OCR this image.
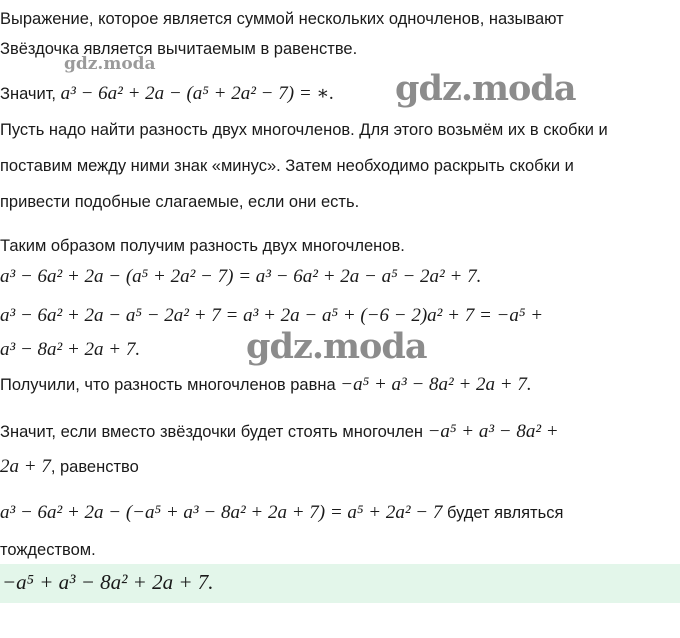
Выражение, которое является суммой нескольких одночленов, называют
Звёздочка является вычитаемым в равенстве.
Значит, a³ − 6a² + 2a − (a⁵ + 2a² − 7) = ∗.
Пусть надо найти разность двух многочленов. Для этого возьмём их в скобки и
поставим между ними знак «минус». Затем необходимо раскрыть скобки и
привести подобные слагаемые, если они есть.
Таким образом получим разность двух многочленов.
a³ − 6a² + 2a − (a⁵ + 2a² − 7) = a³ − 6a² + 2a − a⁵ − 2a² + 7.
a³ − 6a² + 2a − a⁵ − 2a² + 7 = a³ + 2a − a⁵ + (−6 − 2)a² + 7 = −a⁵ +
a³ − 8a² + 2a + 7.
Получили, что разность многочленов равна −a⁵ + a³ − 8a² + 2a + 7.
Значит, если вместо звёздочки будет стоять многочлен −a⁵ + a³ − 8a² +
2a + 7, равенство
a³ − 6a² + 2a − (−a⁵ + a³ − 8a² + 2a + 7) = a⁵ + 2a² − 7 будет являться
тождеством.
−a⁵ + a³ − 8a² + 2a + 7.
gdz.moda
gdz.moda
gdz.moda
